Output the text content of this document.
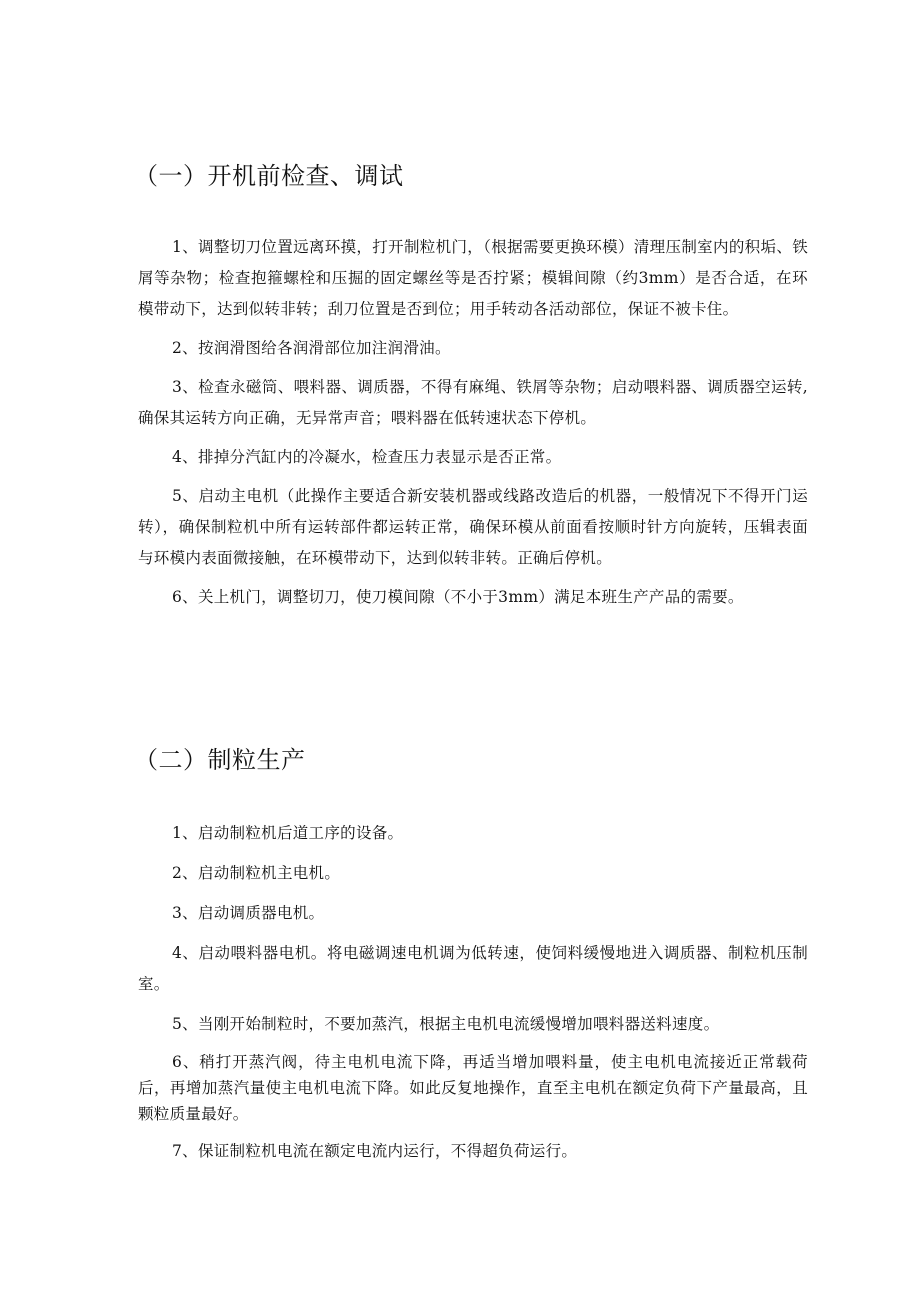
（一）开机前检查、调试

1、调整切刀位置远离环摸，打开制粒机门，（根据需要更换环模）清理压制室内的积垢、铁屑等杂物；检查抱箍螺栓和压掘的固定螺丝等是否拧紧；模辑间隙（约3mm）是否合适，在环模带动下，达到似转非转；刮刀位置是否到位；用手转动各活动部位，保证不被卡住。

2、按润滑图给各润滑部位加注润滑油。

3、检查永磁筒、喂料器、调质器，不得有麻绳、铁屑等杂物；启动喂料器、调质器空运转,确保其运转方向正确，无异常声音；喂料器在低转速状态下停机。

4、排掉分汽缸内的冷凝水，检查压力表显示是否正常。

5、启动主电机（此操作主要适合新安装机器或线路改造后的机器，一般情况下不得开门运转），确保制粒机中所有运转部件都运转正常，确保环模从前面看按顺时针方向旋转，压辑表面与环模内表面微接触，在环模带动下，达到似转非转。正确后停机。

6、关上机门，调整切刀，使刀模间隙（不小于3mm）满足本班生产产品的需要。

（二）制粒生产

1、启动制粒机后道工序的设备。

2、启动制粒机主电机。

3、启动调质器电机。

4、启动喂料器电机。将电磁调速电机调为低转速，使饲料缓慢地进入调质器、制粒机压制室。

5、当刚开始制粒时，不要加蒸汽，根据主电机电流缓慢增加喂料器送料速度。

6、稍打开蒸汽阀，待主电机电流下降，再适当增加喂料量，使主电机电流接近正常载荷后，再增加蒸汽量使主电机电流下降。如此反复地操作，直至主电机在额定负荷下产量最高，且颗粒质量最好。

7、保证制粒机电流在额定电流内运行，不得超负荷运行。
